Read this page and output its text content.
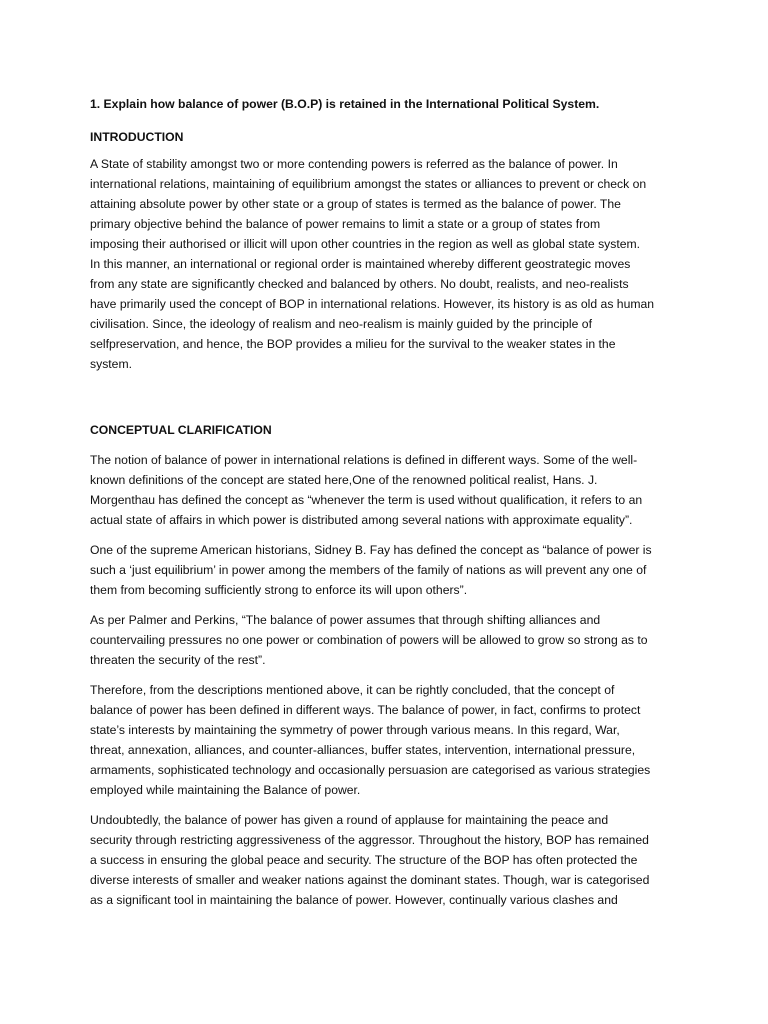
1. Explain how balance of power (B.O.P) is retained in the International Political System.

INTRODUCTION

A State of stability amongst two or more contending powers is referred as the balance of power. In
international relations, maintaining of equilibrium amongst the states or alliances to prevent or check on
attaining absolute power by other state or a group of states is termed as the balance of power. The
primary objective behind the balance of power remains to limit a state or a group of states from
imposing their authorised or illicit will upon other countries in the region as well as global state system.
In this manner, an international or regional order is maintained whereby different geostrategic moves
from any state are significantly checked and balanced by others. No doubt, realists, and neo-realists
have primarily used the concept of BOP in international relations. However, its history is as old as human
civilisation. Since, the ideology of realism and neo-realism is mainly guided by the principle of
selfpreservation, and hence, the BOP provides a milieu for the survival to the weaker states in the
system.

CONCEPTUAL CLARIFICATION

The notion of balance of power in international relations is defined in different ways. Some of the well-
known definitions of the concept are stated here,One of the renowned political realist, Hans. J.
Morgenthau has defined the concept as “whenever the term is used without qualification, it refers to an
actual state of affairs in which power is distributed among several nations with approximate equality”.

One of the supreme American historians, Sidney B. Fay has defined the concept as “balance of power is
such a ‘just equilibrium’ in power among the members of the family of nations as will prevent any one of
them from becoming sufficiently strong to enforce its will upon others”.

As per Palmer and Perkins, “The balance of power assumes that through shifting alliances and
countervailing pressures no one power or combination of powers will be allowed to grow so strong as to
threaten the security of the rest”.

Therefore, from the descriptions mentioned above, it can be rightly concluded, that the concept of
balance of power has been defined in different ways. The balance of power, in fact, confirms to protect
state’s interests by maintaining the symmetry of power through various means. In this regard, War,
threat, annexation, alliances, and counter-alliances, buffer states, intervention, international pressure,
armaments, sophisticated technology and occasionally persuasion are categorised as various strategies
employed while maintaining the Balance of power.

Undoubtedly, the balance of power has given a round of applause for maintaining the peace and
security through restricting aggressiveness of the aggressor. Throughout the history, BOP has remained
a success in ensuring the global peace and security. The structure of the BOP has often protected the
diverse interests of smaller and weaker nations against the dominant states. Though, war is categorised
as a significant tool in maintaining the balance of power. However, continually various clashes and
